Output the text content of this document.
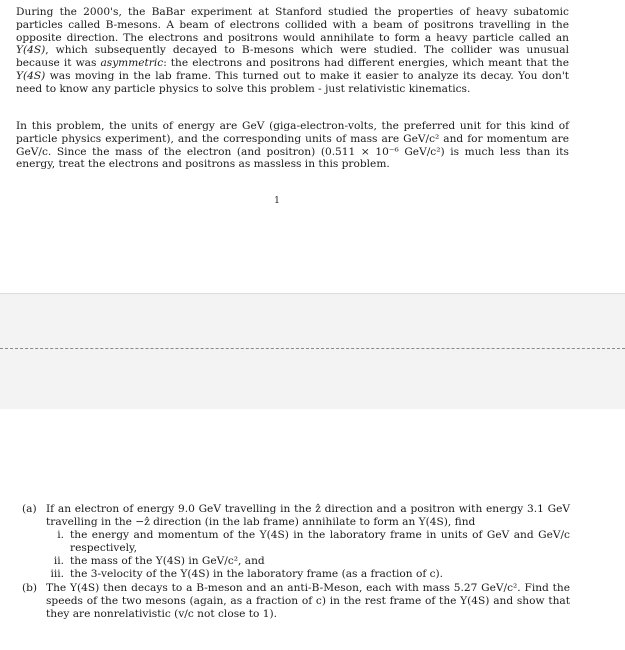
During the 2000's, the BaBar experiment at Stanford studied the properties of heavy subatomic particles called B-mesons. A beam of electrons collided with a beam of positrons travelling in the opposite direction. The electrons and positrons would annihilate to form a heavy particle called an Υ(4S), which subsequently decayed to B-mesons which were studied. The collider was unusual because it was asymmetric: the electrons and positrons had different energies, which meant that the Υ(4S) was moving in the lab frame. This turned out to make it easier to analyze its decay. You don't need to know any particle physics to solve this problem - just relativistic kinematics.

In this problem, the units of energy are GeV (giga-electron-volts, the preferred unit for this kind of particle physics experiment), and the corresponding units of mass are GeV/c² and for momentum are GeV/c. Since the mass of the electron (and positron) (0.511 × 10⁻⁶ GeV/c²) is much less than its energy, treat the electrons and positrons as massless in this problem.

1
(a) If an electron of energy 9.0 GeV travelling in the ẑ direction and a positron with energy 3.1 GeV travelling in the −ẑ direction (in the lab frame) annihilate to form an Υ(4S), find
i. the energy and momentum of the Υ(4S) in the laboratory frame in units of GeV and GeV/c respectively,
ii. the mass of the Υ(4S) in GeV/c², and
iii. the 3-velocity of the Υ(4S) in the laboratory frame (as a fraction of c).
(b) The Υ(4S) then decays to a B-meson and an anti-B-Meson, each with mass 5.27 GeV/c². Find the speeds of the two mesons (again, as a fraction of c) in the rest frame of the Υ(4S) and show that they are nonrelativistic (v/c not close to 1).
